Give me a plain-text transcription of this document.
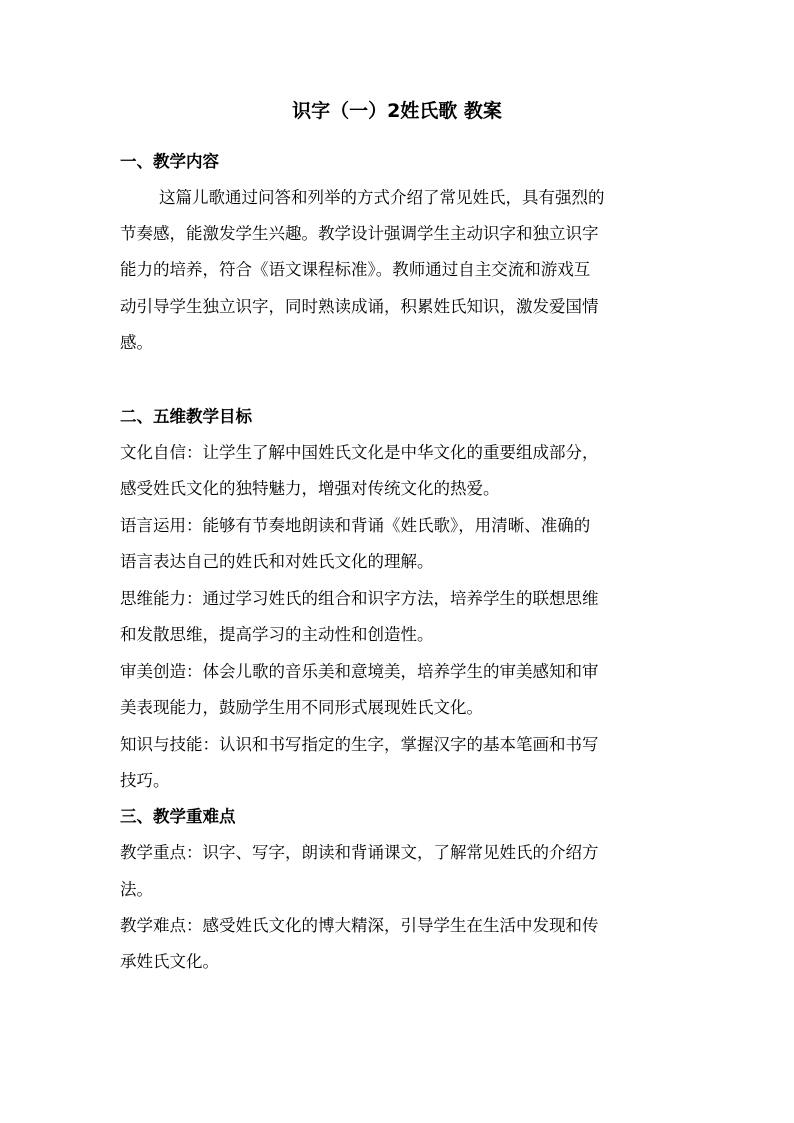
识字（一）2姓氏歌 教案
一、教学内容
这篇儿歌通过问答和列举的方式介绍了常见姓氏，具有强烈的
节奏感，能激发学生兴趣。教学设计强调学生主动识字和独立识字
能力的培养，符合《语文课程标准》。教师通过自主交流和游戏互
动引导学生独立识字，同时熟读成诵，积累姓氏知识，激发爱国情
感。
二、五维教学目标
文化自信：让学生了解中国姓氏文化是中华文化的重要组成部分，
感受姓氏文化的独特魅力，增强对传统文化的热爱。
语言运用：能够有节奏地朗读和背诵《姓氏歌》，用清晰、准确的
语言表达自己的姓氏和对姓氏文化的理解。
思维能力：通过学习姓氏的组合和识字方法，培养学生的联想思维
和发散思维，提高学习的主动性和创造性。
审美创造：体会儿歌的音乐美和意境美，培养学生的审美感知和审
美表现能力，鼓励学生用不同形式展现姓氏文化。
知识与技能：认识和书写指定的生字，掌握汉字的基本笔画和书写
技巧。
三、教学重难点
教学重点：识字、写字，朗读和背诵课文，了解常见姓氏的介绍方
法。
教学难点：感受姓氏文化的博大精深，引导学生在生活中发现和传
承姓氏文化。
